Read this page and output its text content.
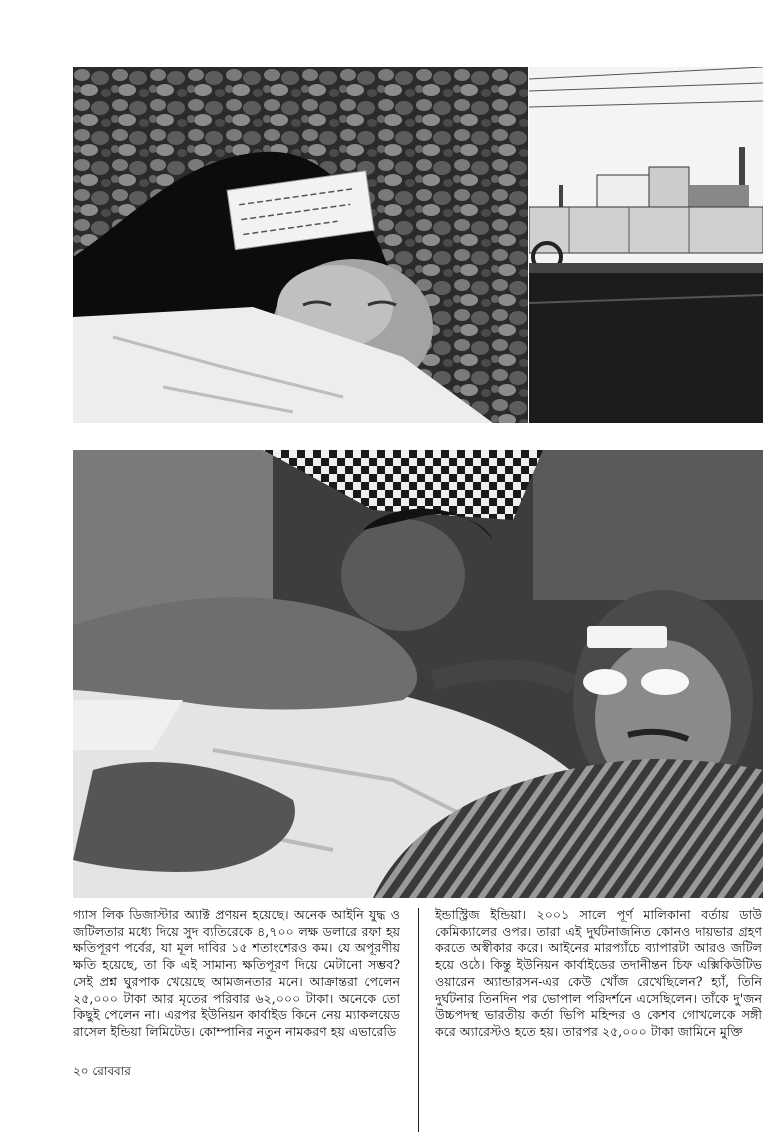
গ্যাস লিক ডিজাস্টার অ্যাক্ট প্রণয়ন হয়েছে। অনেক আইনি যুদ্ধ ও জটিলতার মধ্যে দিয়ে সুদ ব্যতিরেকে ৪,৭০০ লক্ষ ডলারে রফা হয় ক্ষতিপূরণ পর্বের, যা মূল দাবির ১৫ শতাংশেরও কম। যে অপূরণীয় ক্ষতি হয়েছে, তা কি এই সামান্য ক্ষতিপূরণ দিয়ে মেটানো সম্ভব? সেই প্রশ্ন ঘুরপাক খেয়েছে আমজনতার মনে। আক্রান্তরা পেলেন ২৫,০০০ টাকা আর মৃতের পরিবার ৬২,০০০ টাকা। অনেকে তো কিছুই পেলেন না। এরপর ইউনিয়ন কার্বাইড কিনে নেয় ম্যাকলয়েড রাসেল ইন্ডিয়া লিমিটেড। কোম্পানির নতুন নামকরণ হয় এভারেডি

ইন্ডাস্ট্রিজ ইন্ডিয়া। ২০০১ সালে পূর্ণ মালিকানা বর্তায় ডাউ কেমিক্যালের ওপর। তারা এই দুর্ঘটনাজনিত কোনও দায়ভার গ্রহণ করতে অস্বীকার করে। আইনের মারপ্যাঁচে ব্যাপারটা আরও জটিল হয়ে ওঠে। কিন্তু ইউনিয়ন কার্বাইডের তদানীন্তন চিফ এক্সিকিউটিভ ওয়ারেন অ্যান্ডারসন-এর কেউ খোঁজ রেখেছিলেন? হ্যাঁ, তিনি দুর্ঘটনার তিনদিন পর ভোপাল পরিদর্শনে এসেছিলেন। তাঁকে দু'জন উচ্চপদস্থ ভারতীয় কর্তা ভিপি মহিন্দর ও কেশব গোখলেকে সঙ্গী করে অ্যারেস্টও হতে হয়। তারপর ২৫,০০০ টাকা জামিনে মুক্তি

২০ রোববার
